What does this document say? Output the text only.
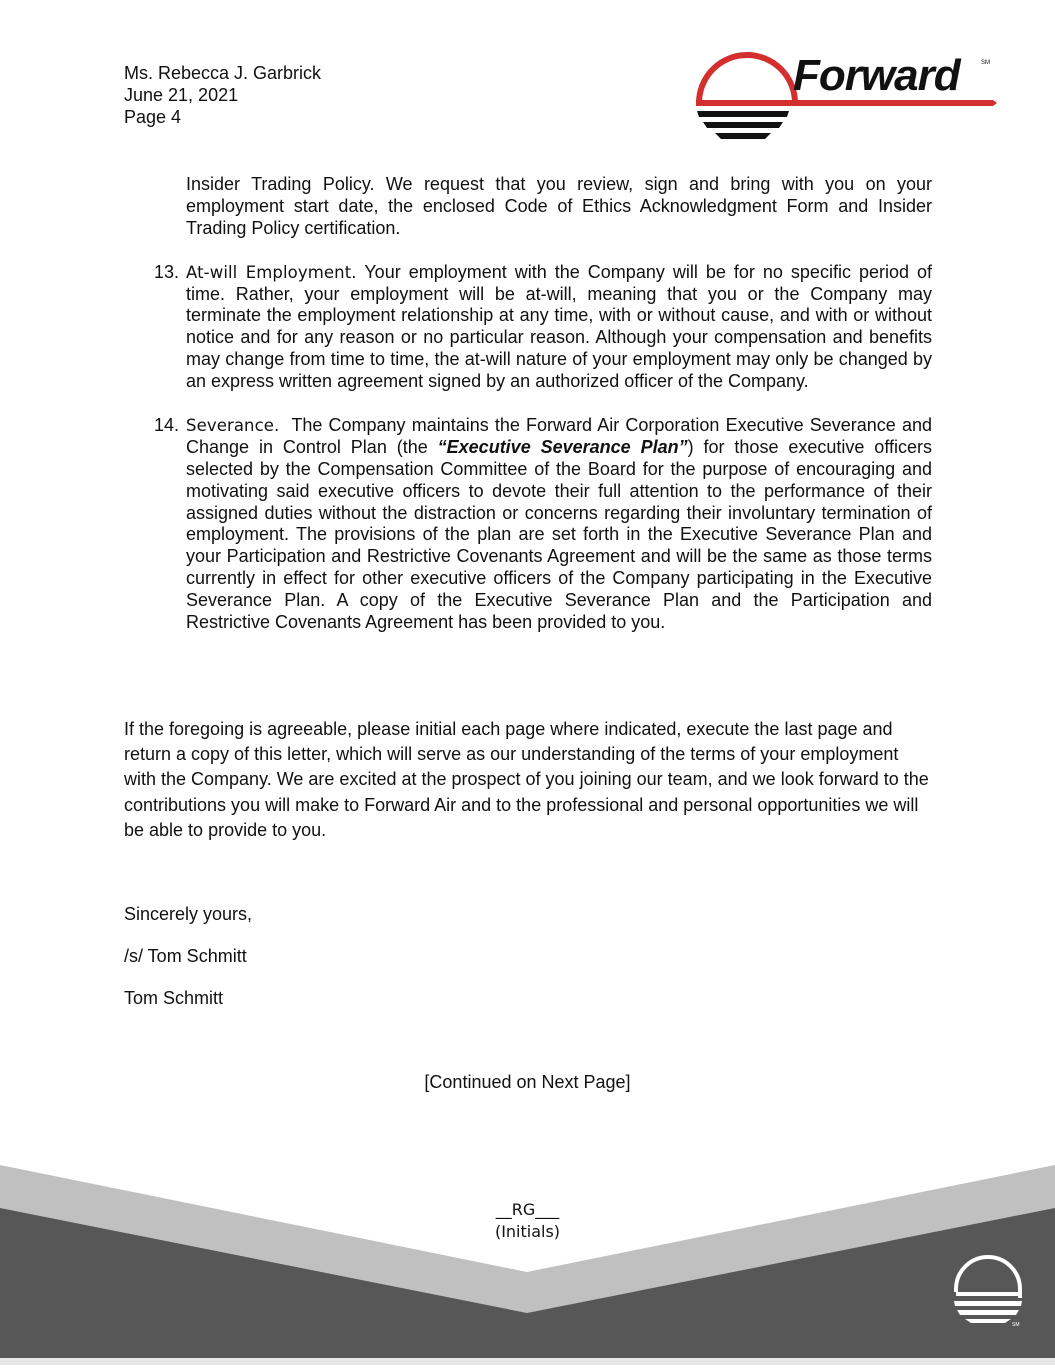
Ms. Rebecca J. Garbrick
June 21, 2021
Page 4
Forward	SM
Insider Trading Policy. We request that you review, sign and bring with you on your employment start date, the enclosed Code of Ethics Acknowledgment Form and Insider Trading Policy certification.
13. At-will Employment. Your employment with the Company will be for no specific period of time. Rather, your employment will be at-will, meaning that you or the Company may terminate the employment relationship at any time, with or without cause, and with or without notice and for any reason or no particular reason. Although your compensation and benefits may change from time to time, the at-will nature of your employment may only be changed by an express written agreement signed by an authorized officer of the Company.
14. Severance.  The Company maintains the Forward Air Corporation Executive Severance and Change in Control Plan (the “Executive Severance Plan”) for those executive officers selected by the Compensation Committee of the Board for the purpose of encouraging and motivating said executive officers to devote their full attention to the performance of their assigned duties without the distraction or concerns regarding their involuntary termination of employment. The provisions of the plan are set forth in the Executive Severance Plan and your Participation and Restrictive Covenants Agreement and will be the same as those terms currently in effect for other executive officers of the Company participating in the Executive Severance Plan. A copy of the Executive Severance Plan and the Participation and Restrictive Covenants Agreement has been provided to you.
If the foregoing is agreeable, please initial each page where indicated, execute the last page and return a copy of this letter, which will serve as our understanding of the terms of your employment with the Company. We are excited at the prospect of you joining our team, and we look forward to the contributions you will make to Forward Air and to the professional and personal opportunities we will be able to provide to you.
Sincerely yours,
/s/ Tom Schmitt
Tom Schmitt
[Continued on Next Page]
__RG___
(Initials)
SM
